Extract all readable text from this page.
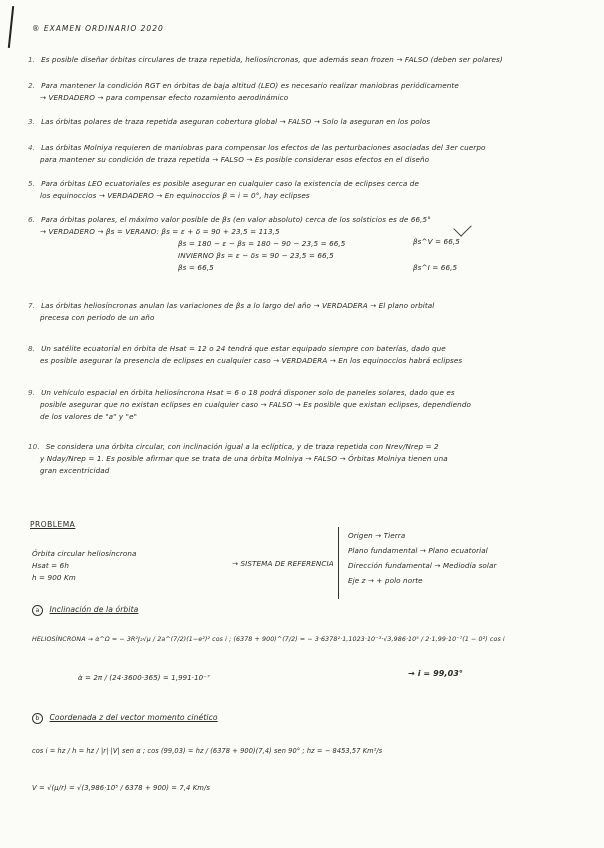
® EXAMEN ORDINARIO 2020
1. Es posible diseñar órbitas circulares de traza repetida, heliosíncronas, que además sean frozen → FALSO (deben ser polares)
2. Para mantener la condición RGT en órbitas de baja altitud (LEO) es necesario realizar maniobras periódicamente
→ VERDADERO → para compensar efecto rozamiento aerodinámico
3. Las órbitas polares de traza repetida aseguran cobertura global → FALSO → Solo la aseguran en los polos
4. Las órbitas Molniya requieren de maniobras para compensar los efectos de las perturbaciones asociadas del 3er cuerpo
para mantener su condición de traza repetida → FALSO → Es posible considerar esos efectos en el diseño
5. Para órbitas LEO ecuatoriales es posible asegurar en cualquier caso la existencia de eclipses cerca de
los equinoccios → VERDADERO → En equinoccios β = i = 0°, hay eclipses
6. Para órbitas polares, el máximo valor posible de βs (en valor absoluto) cerca de los solsticios es de 66,5°
→ VERDADERO → βs = VERANO: βs = ε + δ = 90 + 23,5 = 113,5
βs = 180 − ε − βs = 180 − 90 − 23,5 = 66,5
INVIERNO βs = ε − δs = 90 − 23,5 = 66,5
βs = 66,5
βs^V = 66,5
βs^I = 66,5
7. Las órbitas heliosíncronas anulan las variaciones de βs a lo largo del año → VERDADERA → El plano orbital
precesa con periodo de un año
8. Un satélite ecuatorial en órbita de Hsat = 12 o 24 tendrá que estar equipado siempre con baterías, dado que
es posible asegurar la presencia de eclipses en cualquier caso → VERDADERA → En los equinoccios habrá eclipses
9. Un vehículo espacial en órbita heliosíncrona Hsat = 6 o 18 podrá disponer solo de paneles solares, dado que es
posible asegurar que no existan eclipses en cualquier caso → FALSO → Es posible que existan eclipses, dependiendo
de los valores de "a" y "e"
10. Se considera una órbita circular, con inclinación igual a la eclíptica, y de traza repetida con Nrev/Nrep = 2
y Nday/Nrep = 1. Es posible afirmar que se trata de una órbita Molniya → FALSO → Órbitas Molniya tienen una
gran excentricidad
PROBLEMA
Órbita circular heliosíncrona
Hsat = 6h
h = 900 Km
→ SISTEMA DE REFERENCIA
Origen → Tierra
Plano fundamental → Plano ecuatorial
Dirección fundamental → Mediodía solar
Eje z → + polo norte
a Inclinación de la órbita
HELIOSÍNCRONA → α̇^Ω = − 3R²J₂√μ / 2a^(7/2)(1−e²)² cos i ; (6378 + 900)^(7/2) = − 3·6378²·1,1023·10⁻³·√3,986·10⁵ / 2·1,99·10⁻⁷(1 − 0²) cos i
α̇ = 2π / (24·3600·365) = 1,991·10⁻⁷	→ i = 99,03°
b Coordenada z del vector momento cinético
cos i = hz / h = hz / |r| |V| sen α ; cos (99,03) = hz / (6378 + 900)(7,4) sen 90° ; hz = − 8453,57 Km²/s
V = √(μ/r) = √(3,986·10⁵ / 6378 + 900) = 7,4 Km/s
